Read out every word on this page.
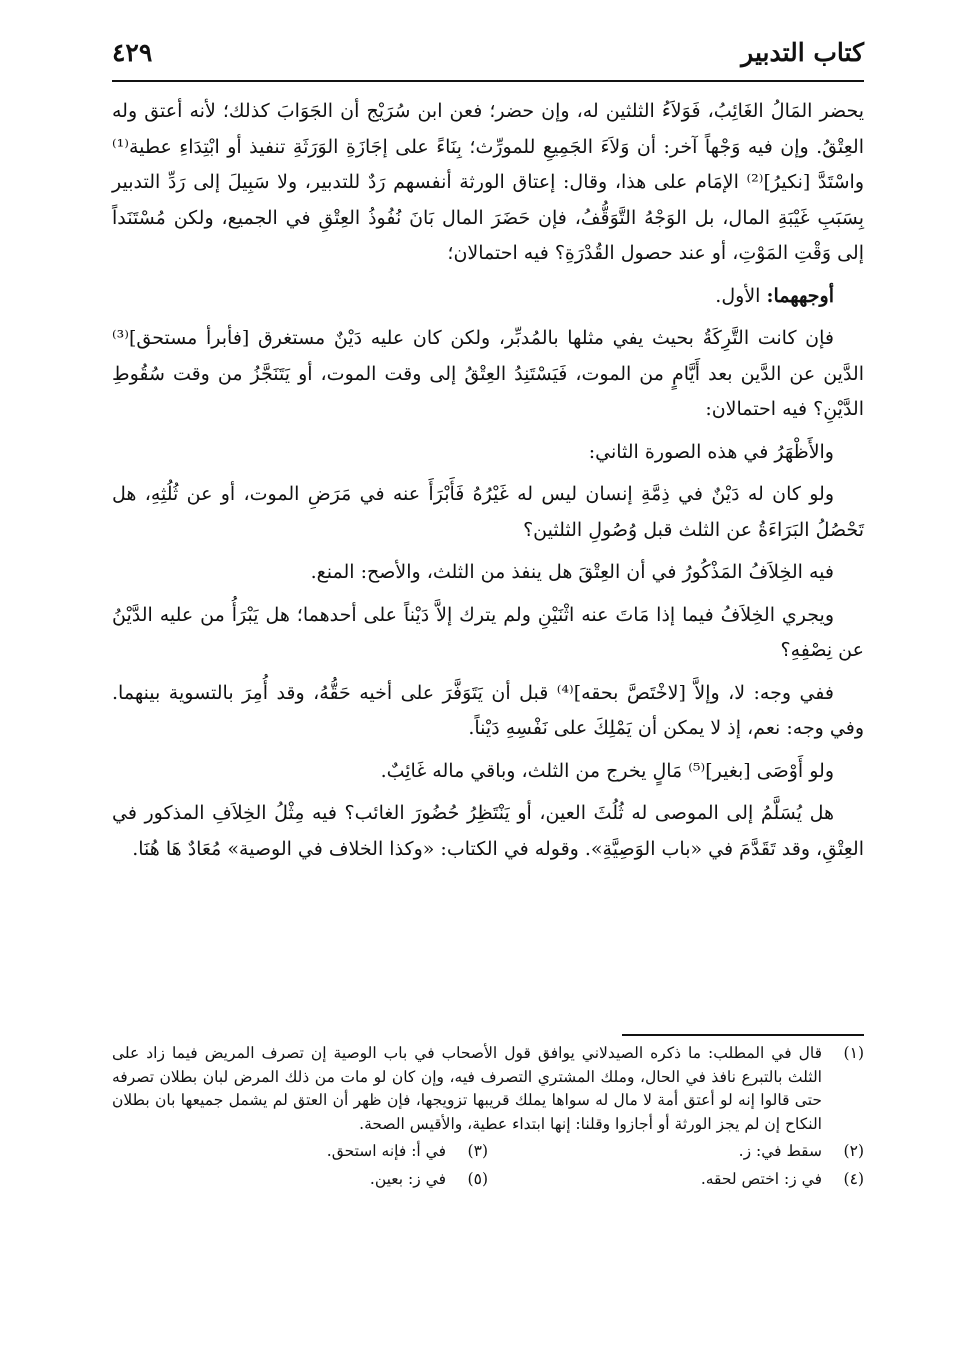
كتاب التدبير
٤٢٩

يحضر المَالُ الغَائِبُ، فَوَلاَءُ الثلثين له، وإن حضر؛ فعن ابن سُرَيْج أن الجَوَابَ كذلك؛ لأنه أعتق وله العِتْقُ. وإن فيه وَجْهاً آخر: أن وَلاَءَ الجَمِيعِ للمورِّث؛ بِنَاءً على إجَازَةِ الوَرَثَةِ تنفيذ أو ابْتِدَاءِ عطية⁽¹⁾ واسْتَدَّ [نكيرُ]⁽²⁾ الإمَام على هذا، وقال: إعتاق الورثة أنفسهم رَدٌ للتدبير، ولا سَبِيلَ إلى رَدِّ التدبير بِسَبَبِ غَيْبَةِ المال، بل الوَجْهُ التَّوَقُّفُ، فإن حَضَرَ المال بَانَ نُفُوذُ العِتْقِ في الجميع، ولكن مُسْتَنَداً إلى وَقْتِ المَوْتِ، أو عند حصول القُدْرَةِ؟ فيه احتمالان؛

أوجههما: الأول.

فإن كانت التَّرِكَةُ بحيث يفي مثلها بالمُدبِّر، ولكن كان عليه دَيْنٌ مستغرق [فأبرأ مستحق]⁽³⁾ الدَّين عن الدَّين بعد أَيَّامٍ من الموت، فَيَسْتَنِدُ العِتْقُ إلى وقت الموت، أو يَتَنَجَّزُ من وقت سُقُوطِ الدَّيْنِ؟ فيه احتمالان:

والأَظْهَرُ في هذه الصورة الثاني:

ولو كان له دَيْنٌ في ذِمَّةِ إنسان ليس له غَيْرُهُ فَأَبْرَأَ عنه في مَرَضِ الموت، أو عن ثُلُثِهِ، هل تَحْصُلُ البَرَاءَةُ عن الثلث قبل وُصُولِ الثلثين؟

فيه الخِلاَفُ المَذْكُورُ في أن العِتْقَ هل ينفذ من الثلث، والأصح: المنع.

ويجري الخِلاَفُ فيما إذا مَاتَ عنه اثْنَيْنِ ولم يترك إلاَّ دَيْناً على أحدهما؛ هل يَبْرَأُ من عليه الدَّيْنُ عن نِصْفِهِ؟

ففي وجه: لا، وإلاَّ [لاخْتَصَّ بحقه]⁽⁴⁾ قبل أن يَتَوَفَّرَ على أخيه حَقُّهُ، وقد أُمِرَ بالتسوية بينهما. وفي وجه: نعم، إذ لا يمكن أن يَمْلِكَ على نَفْسِهِ دَيْناً.

ولو أَوْصَى [بغير]⁽⁵⁾ مَالٍ يخرج من الثلث، وباقي ماله غَائِبٌ.

هل يُسَلَّمُ إلى الموصى له ثُلُثَ العين، أو يَنْتَظِرُ حُضُورَ الغائب؟ فيه مِثْلُ الخِلاَفِ المذكور في العِتْقِ، وقد تَقَدَّمَ في «باب الوَصِيَّةِ». وقوله في الكتاب: «وكذا الخلاف في الوصية» مُعَادٌ هَا هُنَا.

(١)
قال في المطلب: ما ذكره الصيدلاني يوافق قول الأصحاب في باب الوصية إن تصرف المريض فيما زاد على الثلث بالتبرع نافذ في الحال، وملك المشتري التصرف فيه، وإن كان لو مات من ذلك المرض لبان بطلان تصرفه حتى قالوا إنه لو أعتق أمة لا مال له سواها يملك قريبها تزويجها، فإن ظهر أن العتق لم يشمل جميعها بان بطلان النكاح إن لم يجز الورثة أو أجازوا وقلنا: إنها ابتداء عطية، والأقيس الصحة.
(٢)
سقط في: ز.
(٣)
في أ: فإنه استحق.
(٤)
في ز: اختص لحقه.
(٥)
في ز: بعين.
